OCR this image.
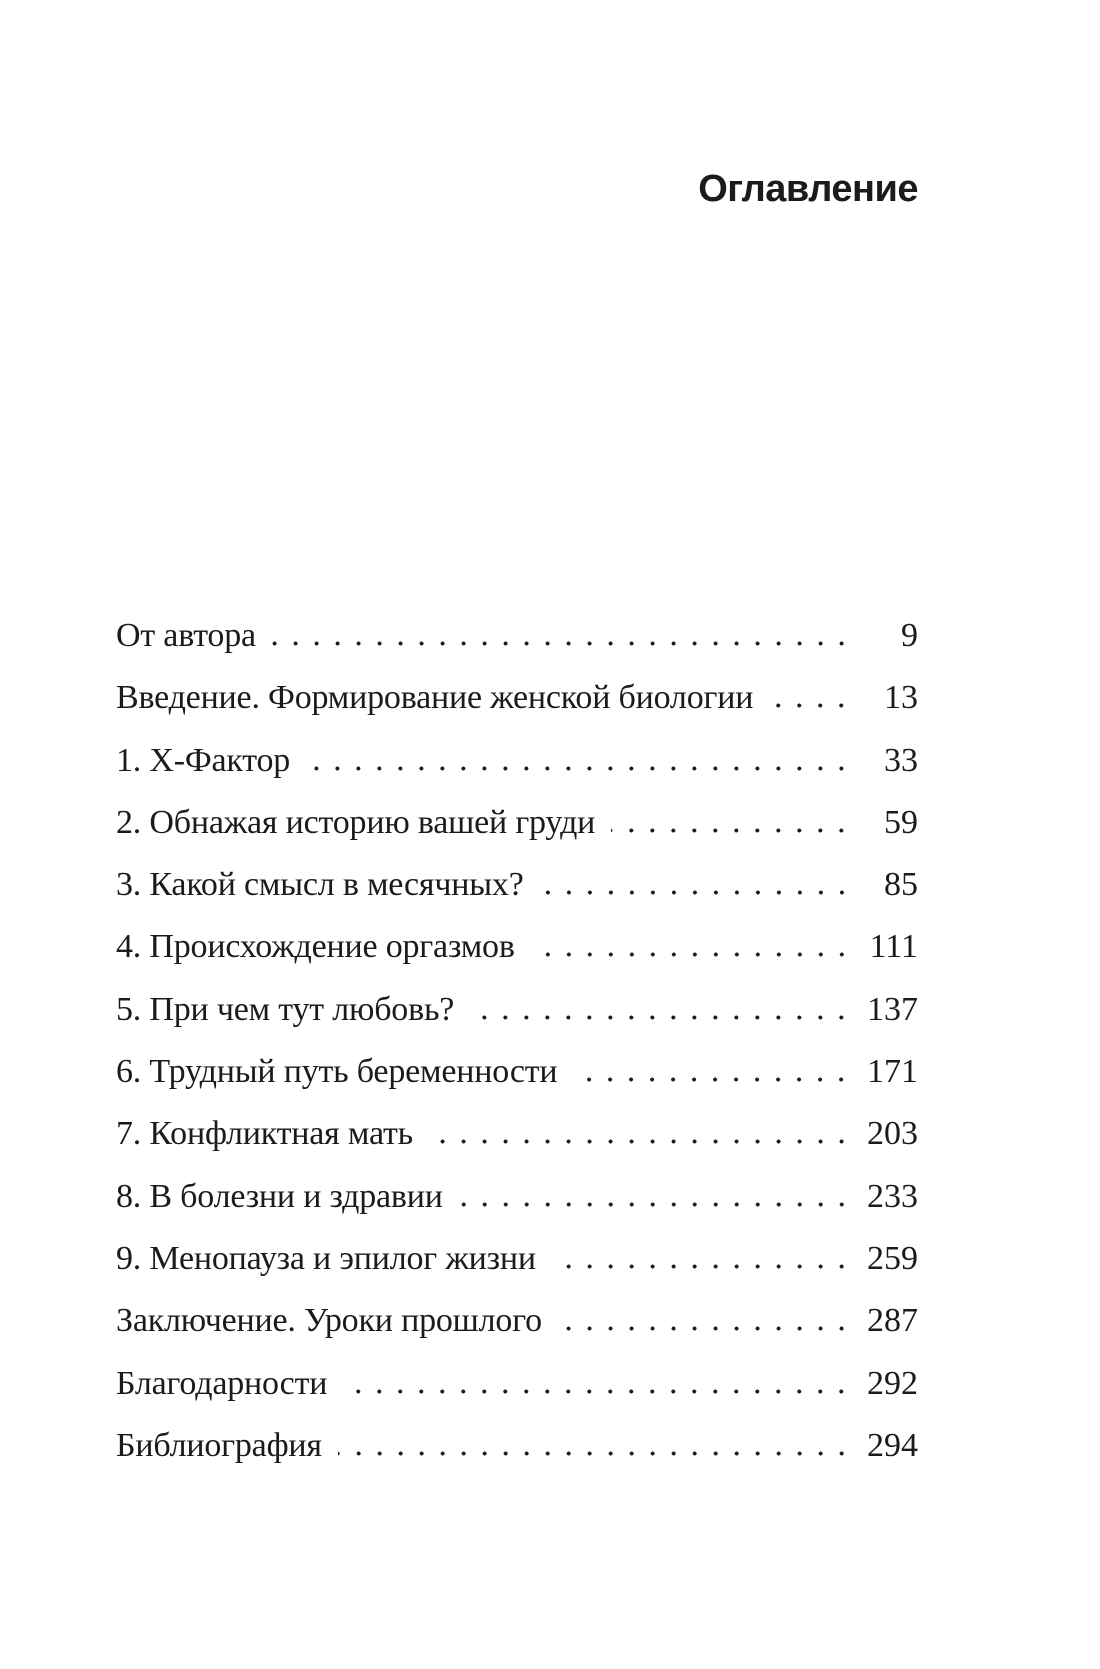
Оглавление
От автора	9
Введение. Формирование женской биологии	13
1. Х-Фактор	33
2. Обнажая историю вашей груди	59
3. Какой смысл в месячных?	85
4. Происхождение оргазмов	111
5. При чем тут любовь?	137
6. Трудный путь беременности	171
7. Конфликтная мать	203
8. В болезни и здравии	233
9. Менопауза и эпилог жизни	259
Заключение. Уроки прошлого	287
Благодарности	292
Библиография	294
